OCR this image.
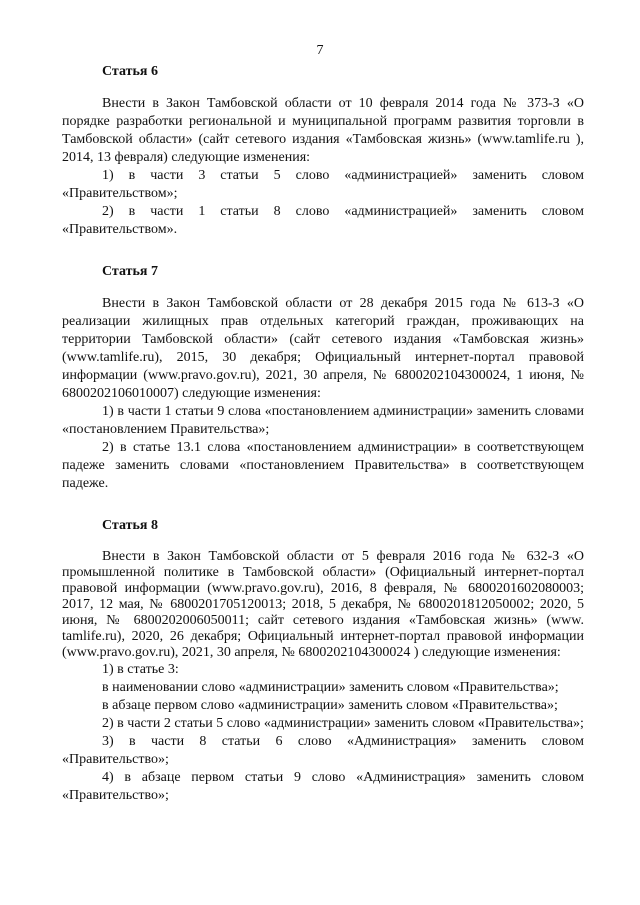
7
Статья 6

Внести в Закон Тамбовской области от 10 февраля 2014 года № 373-З «О порядке разработки региональной и муниципальной программ развития торговли в Тамбовской области» (сайт сетевого издания «Тамбовская жизнь» (www.tamlife.ru ), 2014, 13 февраля) следующие изменения:

1) в части 3 статьи 5 слово «администрацией» заменить словом «Правительством»;

2) в части 1 статьи 8 слово «администрацией» заменить словом «Правительством».

Статья 7

Внести в Закон Тамбовской области от 28 декабря 2015 года № 613-З «О реализации жилищных прав отдельных категорий граждан, проживающих на территории Тамбовской области» (сайт сетевого издания «Тамбовская жизнь» (www.tamlife.ru), 2015, 30 декабря; Официальный интернет-портал правовой информации (www.pravo.gov.ru), 2021, 30 апреля, № 6800202104300024, 1 июня, № 6800202106010007) следующие изменения:

1) в части 1 статьи 9 слова «постановлением администрации» заменить словами «постановлением Правительства»;

2) в статье 13.1 слова «постановлением администрации» в соответствующем падеже заменить словами «постановлением Правительства» в соответствующем падеже.

Статья 8

Внести в Закон Тамбовской области от 5 февраля 2016 года № 632-З «О промышленной политике в Тамбовской области» (Официальный интернет-портал правовой информации (www.pravo.gov.ru), 2016, 8 февраля, № 6800201602080003; 2017, 12 мая, № 6800201705120013; 2018, 5 декабря, № 6800201812050002; 2020, 5 июня, № 6800202006050011; сайт сетевого издания «Тамбовская жизнь» (www. tamlife.ru), 2020, 26 декабря; Официальный интернет-портал правовой информации (www.pravo.gov.ru), 2021, 30 апреля, № 6800202104300024 ) следующие изменения:

1) в статье 3:

в наименовании слово «администрации» заменить словом «Правительства»;

в абзаце первом слово «администрации» заменить словом «Правительства»;

2) в части 2 статьи 5 слово «администрации» заменить словом «Правительства»;

3) в части 8 статьи 6 слово «Администрация» заменить словом «Правительство»;

4) в абзаце первом статьи 9 слово «Администрация» заменить словом «Правительство»;
